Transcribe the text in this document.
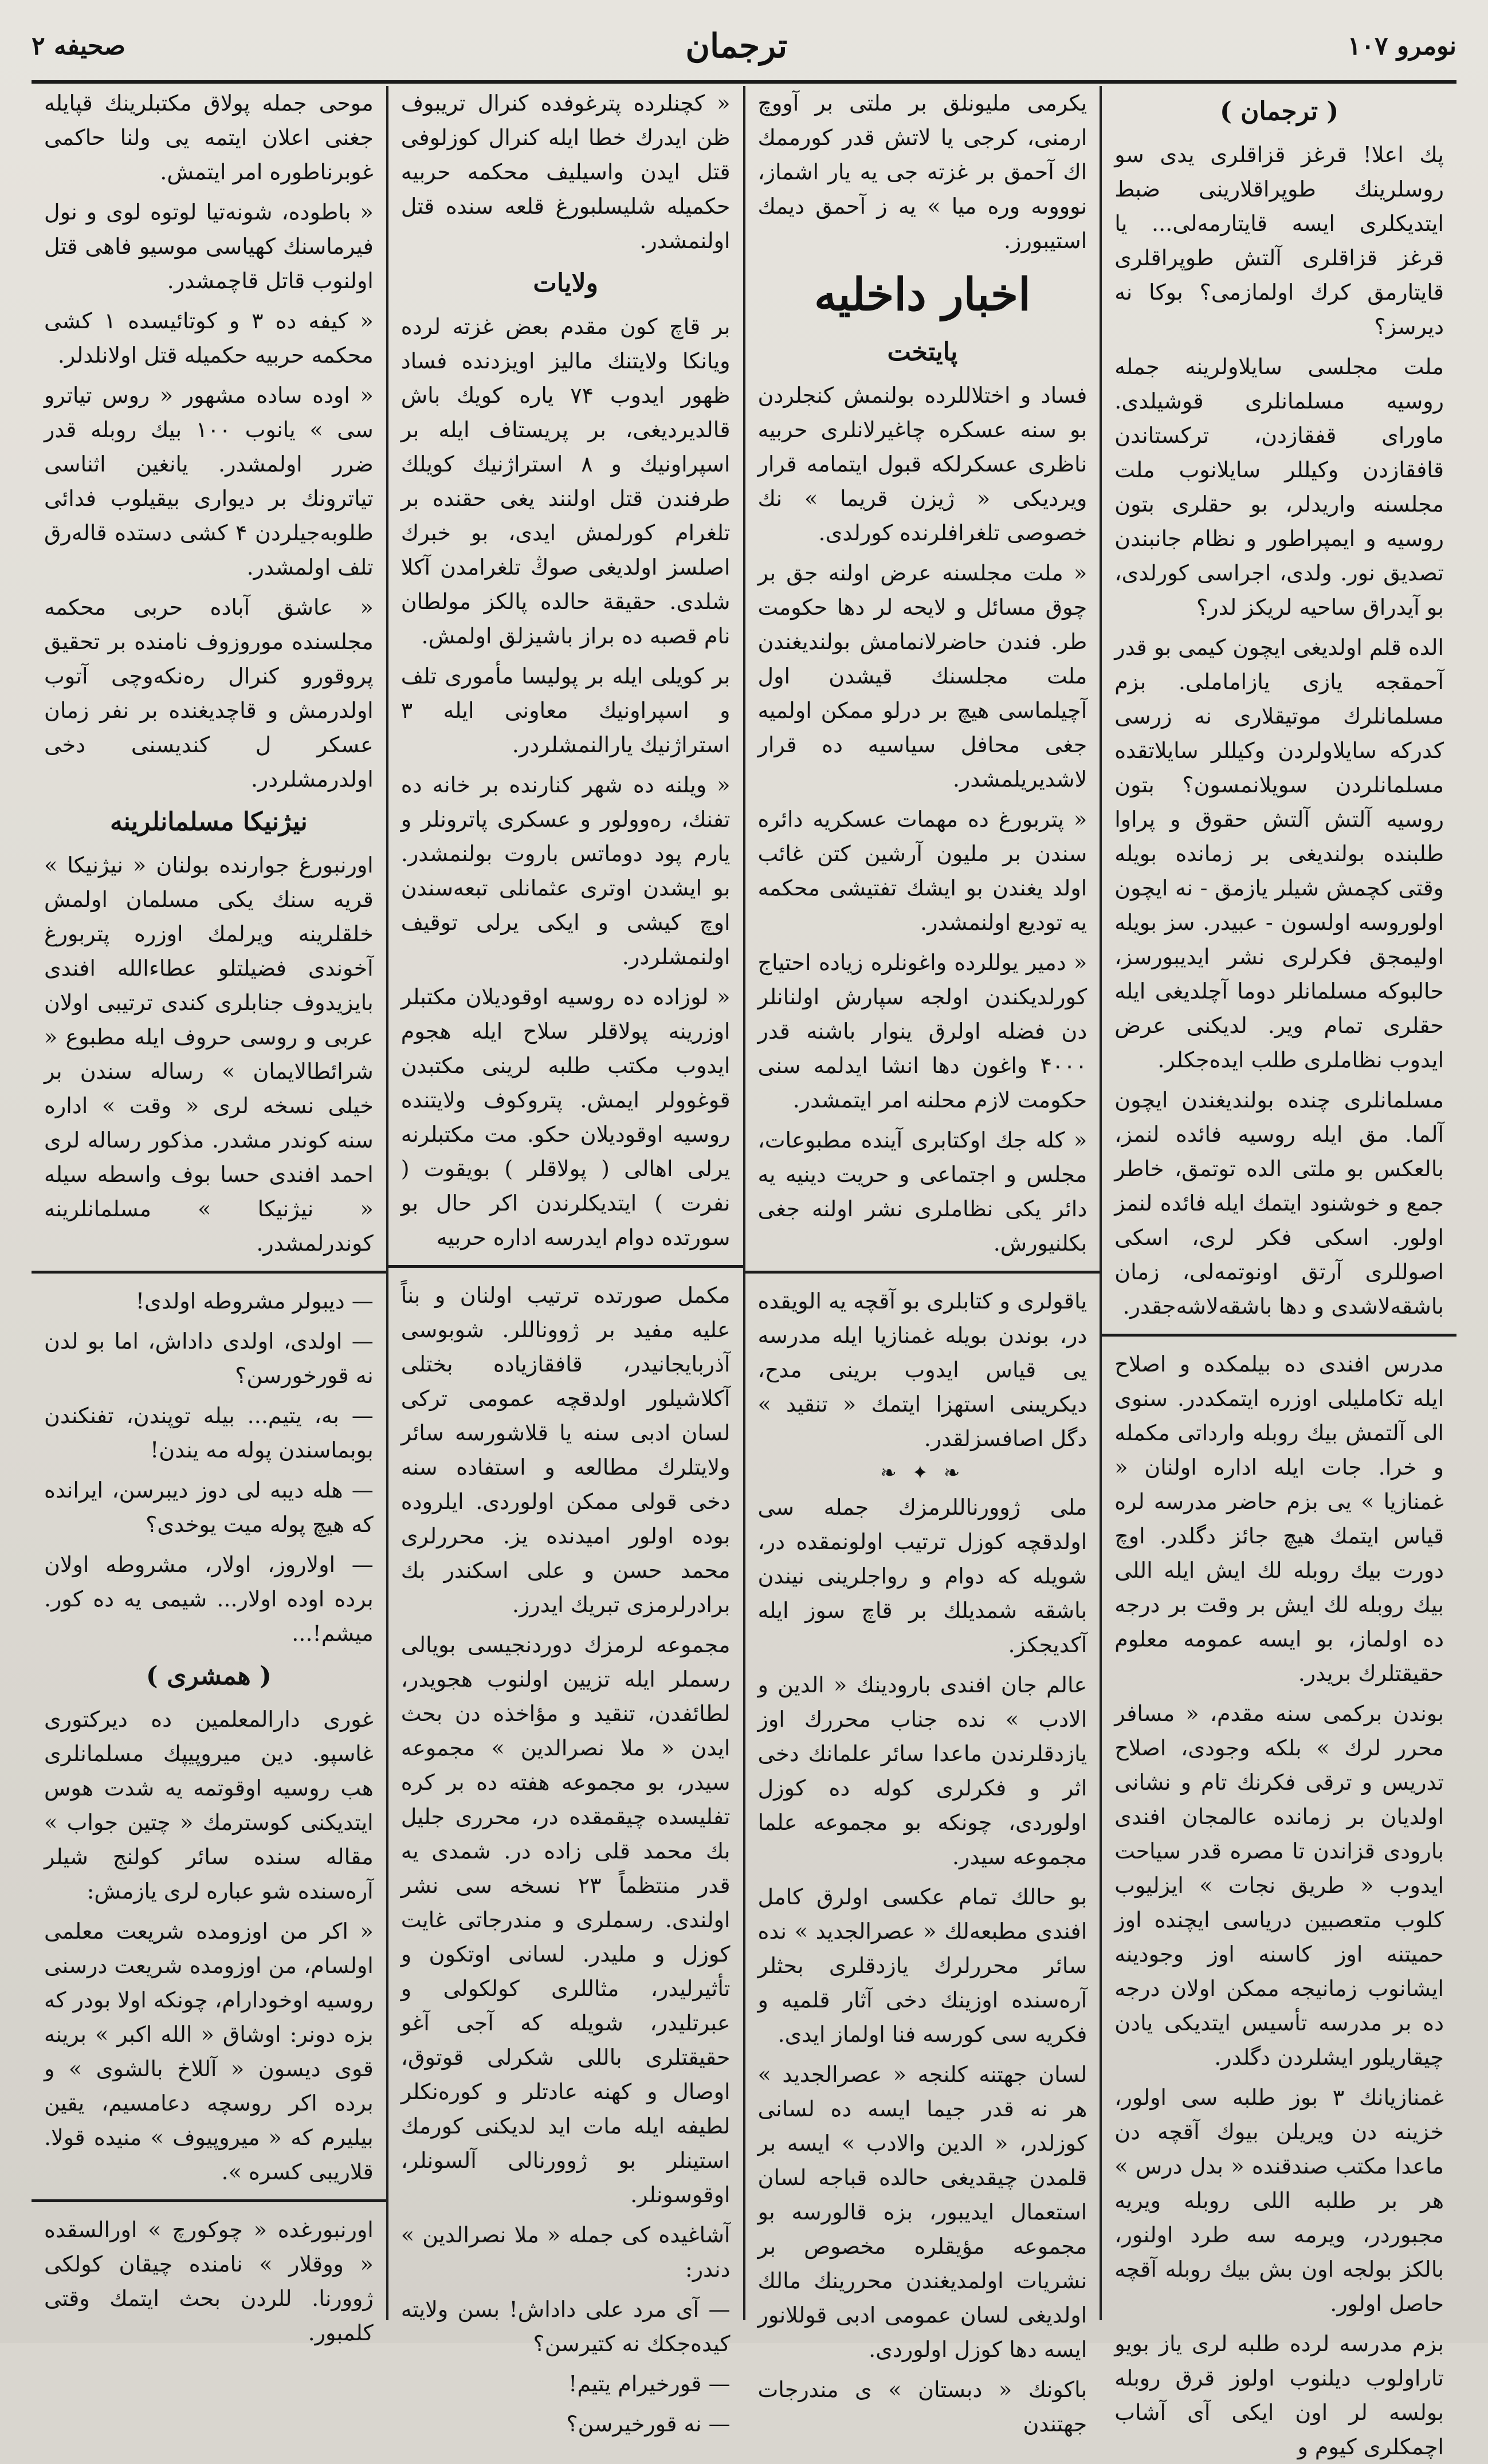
نومرو ۱۰۷
ترجمان
صحيفه ۲
( ترجمان )

پك اعلا! قرغز قزاقلرى يدى سو روسلرينك طوپراقلارينى ضبط ايتديكلرى ايسه قايتارمەلى... يا قرغز قزاقلرى آلتش طوپراقلرى قايتارمق كرك اولمازمى؟ بوكا نه ديرسز؟

ملت مجلسى سايلاولرينه جمله روسيه مسلمانلرى قوشيلدى. ماوراى قفقازدن، تركستاندن قافقازدن وكيللر سايلانوب ملت مجلسنه واريدلر، بو حقلرى بتون روسيه و ايمپراطور و نظام جانبندن تصديق نور. ولدى، اجراسى كورلدى، بو آيدراق ساحيه لريكز لدر؟

الده قلم اولديغى ايچون كيمى بو قدر آحمقجه يازى يازاماملى. بزم مسلمانلرك موتيقلارى نه زرسى كدركه سايلاولردن وكيللر سايلاتقده مسلمانلردن سويلانمسون؟ بتون روسيه آلتش آلتش حقوق و پراوا طلبنده بولنديغى بر زمانده بويله وقتى كچمش شيلر يازمق - نه ايچون اولوروسه اولسون - عبيدر. سز بويله اوليمجق فكرلرى نشر ايديبورسز، حالبوكه مسلمانلر دوما آچلديغى ايله حقلرى تمام وير. لديكنى عرض ايدوب نظاملرى طلب ايدەجكلر.

مسلمانلرى چنده بولنديغندن ايچون آلما. مق ايله روسيه فائده لنمز، بالعكس بو ملتى الده توتمق، خاطر جمع و خوشنود ايتمك ايله فائده لنمز اولور. اسكى فكر لرى، اسكى اصوللرى آرتق اونوتمەلى، زمان باشقەلاشدى و دها باشقەلاشەجقدر.

مدرس افندى ده بيلمكده و اصلاح ايله تكامليلى اوزره ايتمكددر. سنوى الى آلتمش بيك روبله وارداتى مكمله و خرا. جات ايله اداره اولنان « غمنازيا » يى بزم حاضر مدرسه لره قياس ايتمك هيچ جائز دگلدر. اوچ دورت بيك روبله لك ايش ايله اللى بيك روبله لك ايش بر وقت بر درجه ده اولماز، بو ايسه عمومه معلوم حقيقتلرك بريدر.

بوندن بركمى سنه مقدم، « مسافر محرر لرك » بلكه وجودى، اصلاح تدريس و ترقى فكرنك تام و نشانى اولديان بر زمانده عالمجان افندى بارودى قزاندن تا مصره قدر سياحت ايدوب « طريق نجات » ايزليوب كلوب متعصبين درياسى ايچنده اوز حميتنه اوز كاسنه اوز وجودينه ايشانوب زمانيجه ممكن اولان درجه ده بر مدرسه تأسيس ايتديكى يادن چيقاريلور ايشلردن دگلدر.

غمنازيانك ۳ بوز طلبه سى اولور، خزينه دن ويريلن بيوك آقچه دن ماعدا مكتب صندقنده « بدل درس » هر بر طلبه اللى روبله ويريه مجبوردر، ويرمه سه طرد اولنور، بالكز بولجه اون بش بيك روبله آقچه حاصل اولور.

بزم مدرسه لرده طلبه لرى ياز بويو تاراولوب ديلنوب اولوز قرق روبله بولسه لر اون ايكى آى آشاب اچمكلرى كيوم و

يكرمى مليونلق بر ملتى بر آووچ ارمنى، كرجى يا لاتش قدر كورممك اك آحمق بر غزته جى يه يار اشماز، نوووىه وره ميا » يه ز آحمق ديمك استيبورز.

اخبار داخليه
پايتخت

فساد و اختلاللرده بولنمش كنجلردن بو سنه عسكره چاغيرلانلرى حربيه ناظرى عسكرلكه قبول ايتمامه قرار ويرديكى « ژيزن قريما » نك خصوصى تلغرافلرنده كورلدى.

« ملت مجلسنه عرض اولنه جق بر چوق مسائل و لايحه لر دها حكومت طر. فندن حاضرلانمامش بولنديغندن ملت مجلسنك قيشدن اول آچيلماسى هيچ بر درلو ممكن اولميه جغى محافل سياسيه ده قرار لاشديريلمشدر.

« پتربورغ ده مهمات عسكريه دائره سندن بر مليون آرشين كتن غائب اولد يغندن بو ايشك تفتيشى محكمه يه توديع اولنمشدر.

« دمير يوللرده واغونلره زياده احتياج كورلديكندن اولجه سپارش اولنانلر دن فضله اولرق ينوار باشنه قدر ۴۰۰۰ واغون دها انشا ايدلمه سنى حكومت لازم محلنه امر ايتمشدر.

« كله جك اوكتابرى آينده مطبوعات، مجلس و اجتماعى و حريت دينيه يه دائر يكى نظاملرى نشر اولنه جغى بكلنيورش.

ياقولرى و كتابلرى بو آقچه يه الويقده در، بوندن بويله غمنازيا ايله مدرسه يى قياس ايدوب برينى مدح، ديكريىنى استهزا ايتمك « تنقيد » دگل اصافسزلقدر.

❧ ✦ ❧

ملى ژوورناللرمزك جمله سى اولدقچه كوزل ترتيب اولونمقده در، شويله كه دوام و رواجلرينى نيندن باشقه شمديلك بر قاچ سوز ايله آكديجكز.

عالم جان افندى بارودينك « الدين و الادب » نده جناب محررك اوز يازدقلرندن ماعدا سائر علمانك دخى اثر و فكرلرى كوله ده كوزل اولوردى، چونكه بو مجموعه علما مجموعه سيدر.

بو حالك تمام عكسى اولرق كامل افندى مطبعەلك « عصرالجديد » نده سائر محررلرك يازدقلرى بحثلر آرەسنده اوزينك دخى آثار قلميه و فكريه سى كورسه فنا اولماز ايدى.

لسان جهتنه كلنجه « عصرالجديد » هر نه قدر جيما ايسه ده لسانى كوزلدر، « الدين والادب » ايسه بر قلمدن چيقديغى حالده قباجه لسان استعمال ايديبور، بزه قالورسه بو مجموعه مؤيقلره مخصوص بر نشريات اولمديغندن محررينك مالك اولديغى لسان عمومى ادبى قوللانور ايسه دها كوزل اولوردى.

باكونك « دبستان » ى مندرجات جهتندن

« كچنلرده پترغوفده كنرال تريبوف ظن ايدرك خطا ايله كنرال كوزلوفى قتل ايدن واسيليف محكمه حربيه حكميله شليسلبورغ قلعه سنده قتل اولنمشدر.

ولايات

بر قاچ كون مقدم بعض غزته لرده ويانكا ولايتنك ماليز اويزدنده فساد ظهور ايدوب ۷۴ ياره كويك باش قالديرديغى، بر پريستاف ايله بر اسپراونيك و ۸ استراژنيك كويلك طرفندن قتل اولنند يغى حقنده بر تلغرام كورلمش ايدى، بو خبرك اصلسز اولديغى صوڭ تلغرامدن آكلا شلدى. حقيقة حالده پالكز مولطان نام قصبه ده براز باشيزلق اولمش.

بر كويلى ايله بر پوليسا مأمورى تلف و اسپراونيك معاونى ايله ۳ استراژنيك يارالنمشلردر.

« ويلنه ده شهر كنارنده بر خانه ده تفنك، رەوولور و عسكرى پاترونلر و يارم پود دوماتس باروت بولنمشدر. بو ايشدن اوترى عثمانلى تبعەسندن اوچ كيشى و ايكى يرلى توقيف اولنمشلردر.

« لوزاده ده روسيه اوقوديلان مكتبلر اوزرينه پولاقلر سلاح ايله هجوم ايدوب مكتب طلبه لرينى مكتبدن قوغوولر ايمش. پتروكوف ولايتنده روسيه اوقوديلان حكو. مت مكتبلرنه يرلى اهالى ( پولاقلر ) بويقوت ( نفرت ) ايتديكلرندن اكر حال بو سورتده دوام ايدرسه اداره حربيه

مكمل صورتده ترتيب اولنان و بناً عليه مفيد بر ژووناللر. شوبوسى آذربايجانيدر، قافقازياده بختلى آكلاشيلور اولدقچه عمومى تركى لسان ادبى سنه يا قلاشورسه سائر ولايتلرك مطالعه و استفاده سنه دخى قولى ممكن اولوردى. ايلروده بوده اولور اميدنده يز. محررلرى محمد حسن و على اسكندر بك برادرلرمزى تبريك ايدرز.

مجموعه لرمزك دوردنجيسى بويالى رسملر ايله تزيين اولنوب هجويدر، لطائفدن، تنقيد و مؤاخذه دن بحث ايدن « ملا نصرالدين » مجموعه سيدر، بو مجموعه هفته ده بر كره تفليسده چيقمقده در، محررى جليل بك محمد قلى زاده در. شمدى يه قدر منتظماً ۲۳ نسخه سى نشر اولندى. رسملرى و مندرجاتى غايت كوزل و مليدر. لسانى اوتكون و تأثيرليدر، مثاللرى كولكولى و عبرتليدر، شويله كه آجى آغو حقيقتلرى باللى شكرلى قوتوق، اوصال و كهنه عادتلر و كورەنكلر لطيفه ايله مات ايد لديكنى كورمك استينلر بو ژوورنالى آلسونلر، اوقوسونلر.

آشاغيده كى جمله « ملا نصرالدين » دندر:

— آى مرد على داداش! بسن ولايته كيدەجكك نه كتيرسن؟

— قورخيرام يتيم!

— نه قورخيرسن؟

موحى جمله پولاق مكتبلرينك قپايله جغنى اعلان ايتمه يى ولنا حاكمى غوبرناطوره امر ايتمش.

« باطوده، شونەتيا لوتوه لوى و نول فيرماسنك كهياسى موسيو فاهى قتل اولنوب قاتل قاچمشدر.

« كيفه ده ۳ و كوتائيسده ۱ كشى محكمه حربيه حكميله قتل اولانلدلر.

« اوده ساده مشهور « روس تياترو سى » يانوب ۱۰۰ بيك روبله قدر ضرر اولمشدر. يانغين اثناسى تياترونك بر ديوارى بيقيلوب فدائى طلوبەجيلردن ۴ كشى دستده قالەرق تلف اولمشدر.

« عاشق آباده حربى محكمه مجلسنده موروزوف نامنده بر تحقيق پروقورو كنرال رەنكەوچى آتوب اولدرمش و قاچديغنده بر نفر زمان عسكر ل كنديسنى دخى اولدرمشلردر.

نيژنيكا مسلمانلرينه

اورنبورغ جوارنده بولنان « نيژنيكا » قريه سنك يكى مسلمان اولمش خلقلرينه ويرلمك اوزره پتربورغ آخوندى فضيلتلو عطاءالله افندى بايزيدوف جنابلرى كندى ترتيبى اولان عربى و روسى حروف ايله مطبوع « شرائطالايمان » رساله سندن بر خيلى نسخه لرى « وقت » اداره سنه كوندر مشدر. مذكور رساله لرى احمد افندى حسا بوف واسطه سيله « نيژنيكا » مسلمانلرينه كوندرلمشدر.

— ديبولر مشروطه اولدى!

— اولدى، اولدى داداش، اما بو لدن نه قورخورسن؟

— به، يتيم... بيله توپندن، تفنكندن بوبماسندن پوله مه يندن!

— هله ديبه لى دوز ديبرسن، ايرانده كه هيچ پوله ميت يوخدى؟

— اولاروز، اولار، مشروطه اولان برده اوده اولار... شيمى يه ده كور. ميشم!...

( همشرى )

غورى دارالمعلمين ده ديركتورى غاسپو. دين ميروپيپك مسلمانلرى هب روسيه اوقوتمه يه شدت هوس ايتديكنى كوسترمك « چتين جواب » مقاله سنده سائر كولنج شيلر آرەسنده شو عباره لرى يازمش:

« اكر من اوزومده شريعت معلمى اولسام، من اوزومده شريعت درسنى روسيه اوخودارام، چونكه اولا بودر كه بزه دونر: اوشاق « الله اكبر » برينه قوى ديسون « آللاخ بالشوى » و برده اكر روسچه دعامسيم، يقين بيليرم كه « ميروپيوف » منيده قولا. قلاريبى كسره ».

اورنبورغده « چوكورچ » اورالسقده « ووقلار » نامنده چيقان كولكى ژوورنا. للردن بحث ايتمك وقتى كلمبور.
